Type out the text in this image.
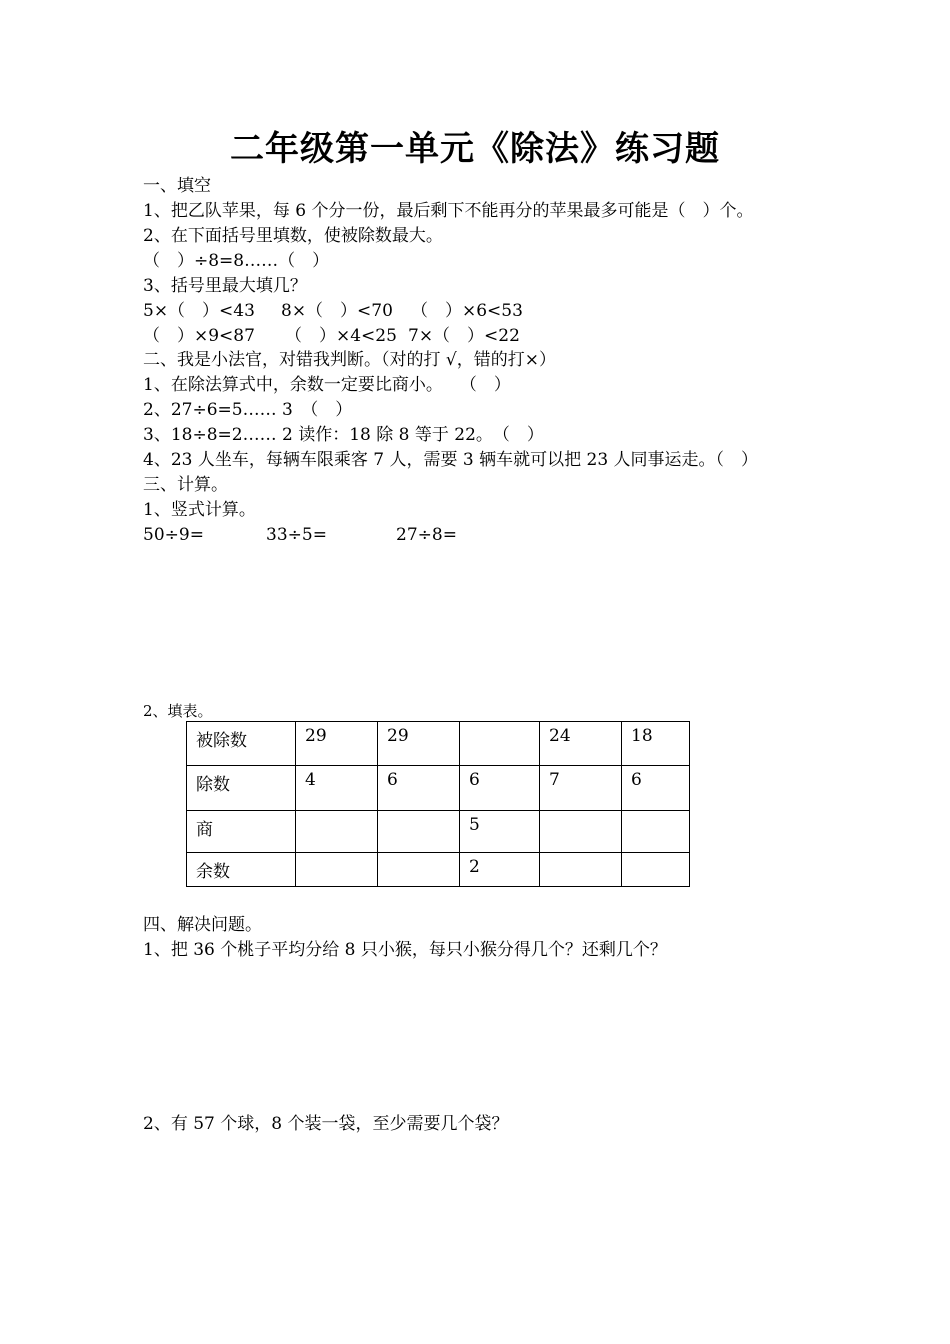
二年级第一单元《除法》练习题
一、填空
1、把乙队苹果，每 6 个分一份，最后剩下不能再分的苹果最多可能是（　）个。
2、在下面括号里填数，使被除数最大。
（　）÷8=8……（　）
3、括号里最大填几？
5×（　）<43 8×（　）<70 （　）×6<53
（　）×9<87 （　）×4<25 7×（　）<22
二、我是小法官，对错我判断。（对的打 √，错的打×）
1、在除法算式中，余数一定要比商小。　　（　）
2、27÷6=5…… 3　（　）
3、18÷8=2…… 2 读作：18 除 8 等于 22。　（　）
4、23 人坐车，每辆车限乘客 7 人，需要 3 辆车就可以把 23 人同事运走。（　）
三、计算。
1、竖式计算。
50÷9=	33÷5=	27÷8=
2、填表。
被除数	29	29		24	18
除数	4	6	6	7	6
商			5		
余数			2		
四、解决问题。
1、把 36 个桃子平均分给 8 只小猴，每只小猴分得几个？还剩几个？
2、有 57 个球，8 个装一袋，至少需要几个袋？
